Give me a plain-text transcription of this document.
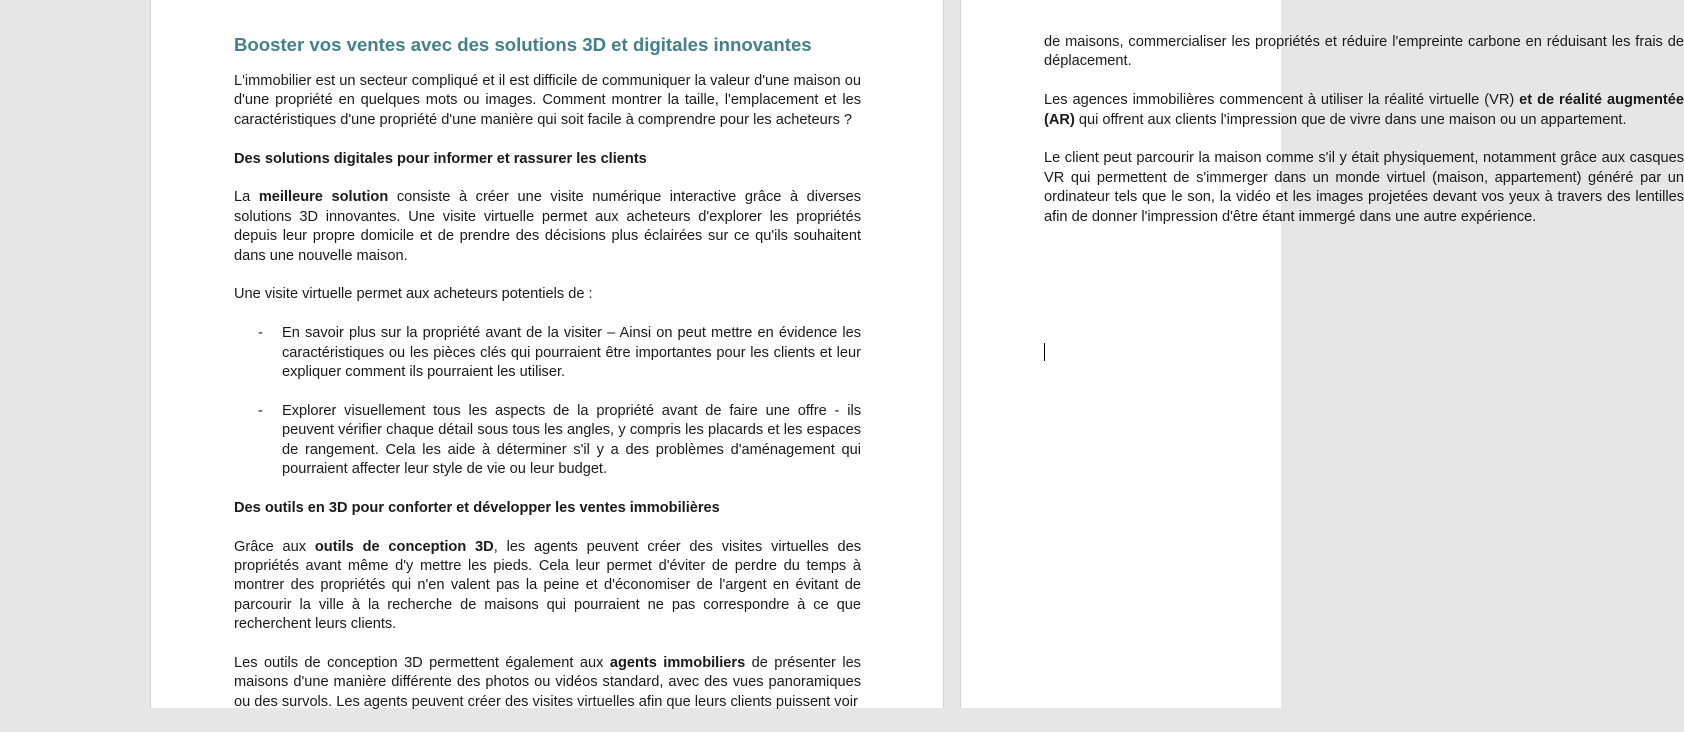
Booster vos ventes avec des solutions 3D et digitales innovantes

L'immobilier est un secteur compliqué et il est difficile de communiquer la valeur d'une maison ou d'une propriété en quelques mots ou images. Comment montrer la taille, l'emplacement et les caractéristiques d'une propriété d'une manière qui soit facile à comprendre pour les acheteurs ?

Des solutions digitales pour informer et rassurer les clients

La meilleure solution consiste à créer une visite numérique interactive grâce à diverses solutions 3D innovantes. Une visite virtuelle permet aux acheteurs d'explorer les propriétés depuis leur propre domicile et de prendre des décisions plus éclairées sur ce qu'ils souhaitent dans une nouvelle maison.

Une visite virtuelle permet aux acheteurs potentiels de :

- En savoir plus sur la propriété avant de la visiter – Ainsi on peut mettre en évidence les caractéristiques ou les pièces clés qui pourraient être importantes pour les clients et leur expliquer comment ils pourraient les utiliser.
- Explorer visuellement tous les aspects de la propriété avant de faire une offre - ils peuvent vérifier chaque détail sous tous les angles, y compris les placards et les espaces de rangement. Cela les aide à déterminer s'il y a des problèmes d'aménagement qui pourraient affecter leur style de vie ou leur budget.

Des outils en 3D pour conforter et développer les ventes immobilières

Grâce aux outils de conception 3D, les agents peuvent créer des visites virtuelles des propriétés avant même d'y mettre les pieds. Cela leur permet d'éviter de perdre du temps à montrer des propriétés qui n'en valent pas la peine et d'économiser de l'argent en évitant de parcourir la ville à la recherche de maisons qui pourraient ne pas correspondre à ce que recherchent leurs clients.

Les outils de conception 3D permettent également aux agents immobiliers de présenter les maisons d'une manière différente des photos ou vidéos standard, avec des vues panoramiques ou des survols. Les agents peuvent créer des visites virtuelles afin que leurs clients puissent voir

de maisons, commercialiser les propriétés et réduire l'empreinte carbone en réduisant les frais de déplacement.

Les agences immobilières commencent à utiliser la réalité virtuelle (VR) et de réalité augmentée (AR) qui offrent aux clients l'impression que de vivre dans une maison ou un appartement.

Le client peut parcourir la maison comme s'il y était physiquement, notamment grâce aux casques VR qui permettent de s'immerger dans un monde virtuel (maison, appartement) généré par un ordinateur tels que le son, la vidéo et les images projetées devant vos yeux à travers des lentilles afin de donner l'impression d'être étant immergé dans une autre expérience.
